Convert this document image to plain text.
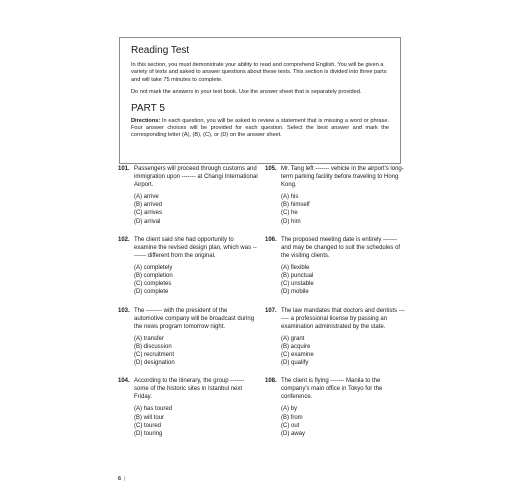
Reading Test

In this section, you must demonstrate your ability to read and comprehend English. You will be given a variety of texts and asked to answer questions about these texts. This section is divided into three parts and will take 75 minutes to complete.

Do not mark the answers in your test book. Use the answer sheet that is separately provided.

PART 5

Directions: In each question, you will be asked to review a statement that is missing a word or phrase. Four answer choices will be provided for each question. Select the best answer and mark the corresponding letter (A), (B), (C), or (D) on the answer sheet.

101. Passengers will proceed through customs and immigration upon ------- at Changi International Airport.
(A) arrive
(B) arrived
(C) arrives
(D) arrival
102. The client said she had opportunity to examine the revised design plan, which was -------- different from the original.
(A) completely
(B) completion
(C) completes
(D) complete
103. The -------- with the president of the automotive company will be broadcast during the news program tomorrow night.
(A) transfer
(B) discussion
(C) recruitment
(D) designation
104. According to the itinerary, the group ------- some of the historic sites in Istanbul next Friday.
(A) has toured
(B) will tour
(C) toured
(D) touring
105. Mr. Tang left ------- vehicle in the airport's long-term parking facility before traveling to Hong Kong.
(A) his
(B) himself
(C) he
(D) him
106. The proposed meeting date is entirely ------- and may be changed to suit the schedules of the visiting clients.
(A) flexible
(B) punctual
(C) unstable
(D) mobile
107. The law mandates that doctors and dentists ------- a professional license by passing an examination administrated by the state.
(A) grant
(B) acquire
(C) examine
(D) qualify
108. The client is flying ------- Manila to the company's main office in Tokyo for the conference.
(A) by
(B) from
(C) out
(D) away
6 |
